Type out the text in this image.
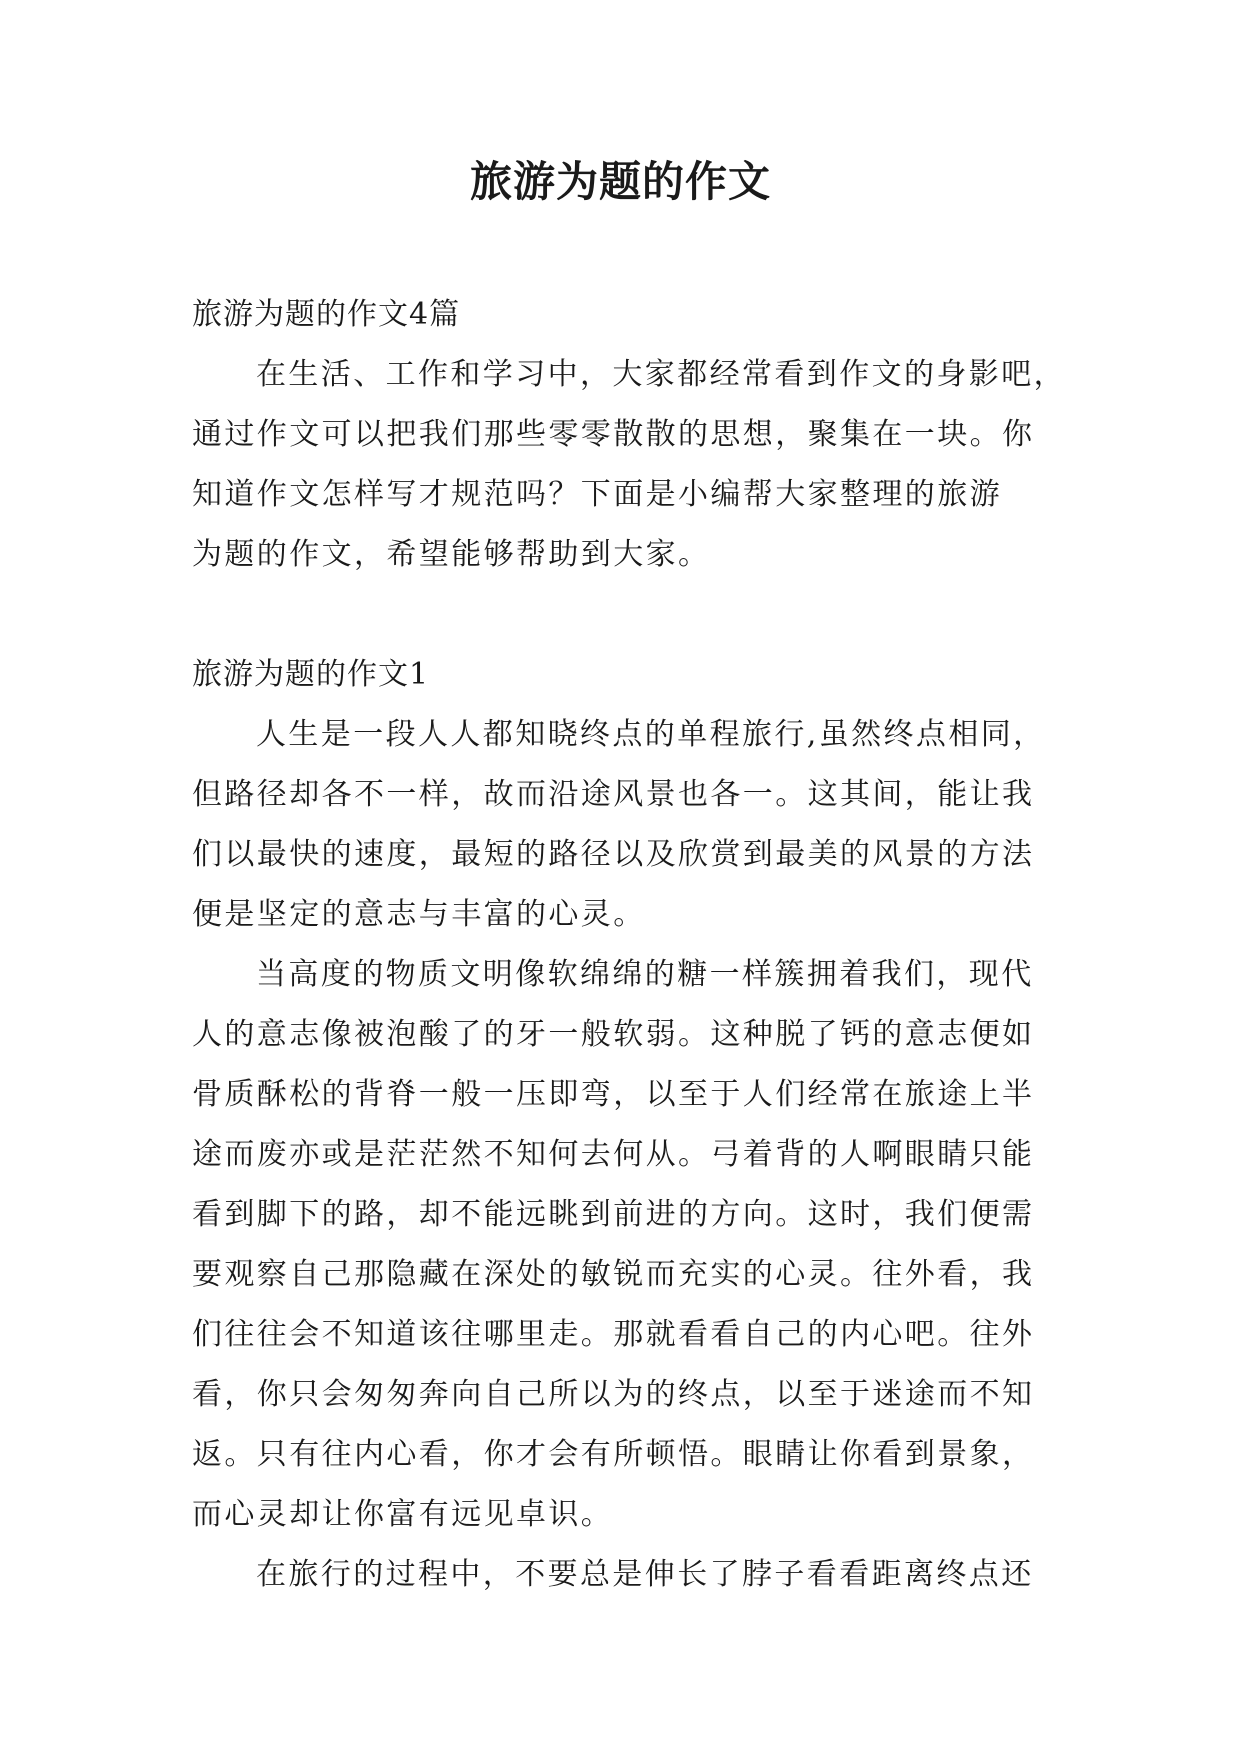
旅游为题的作文
旅游为题的作文4篇
在生活、工作和学习中，大家都经常看到作文的身影吧，
通过作文可以把我们那些零零散散的思想，聚集在一块。你
知道作文怎样写才规范吗？下面是小编帮大家整理的旅游
为题的作文，希望能够帮助到大家。
旅游为题的作文1
人生是一段人人都知晓终点的单程旅行,虽然终点相同，
但路径却各不一样，故而沿途风景也各一。这其间，能让我
们以最快的速度，最短的路径以及欣赏到最美的风景的方法
便是坚定的意志与丰富的心灵。
当高度的物质文明像软绵绵的糖一样簇拥着我们，现代
人的意志像被泡酸了的牙一般软弱。这种脱了钙的意志便如
骨质酥松的背脊一般一压即弯，以至于人们经常在旅途上半
途而废亦或是茫茫然不知何去何从。弓着背的人啊眼睛只能
看到脚下的路，却不能远眺到前进的方向。这时，我们便需
要观察自己那隐藏在深处的敏锐而充实的心灵。往外看，我
们往往会不知道该往哪里走。那就看看自己的内心吧。往外
看，你只会匆匆奔向自己所以为的终点，以至于迷途而不知
返。只有往内心看，你才会有所顿悟。眼睛让你看到景象，
而心灵却让你富有远见卓识。
在旅行的过程中，不要总是伸长了脖子看看距离终点还
